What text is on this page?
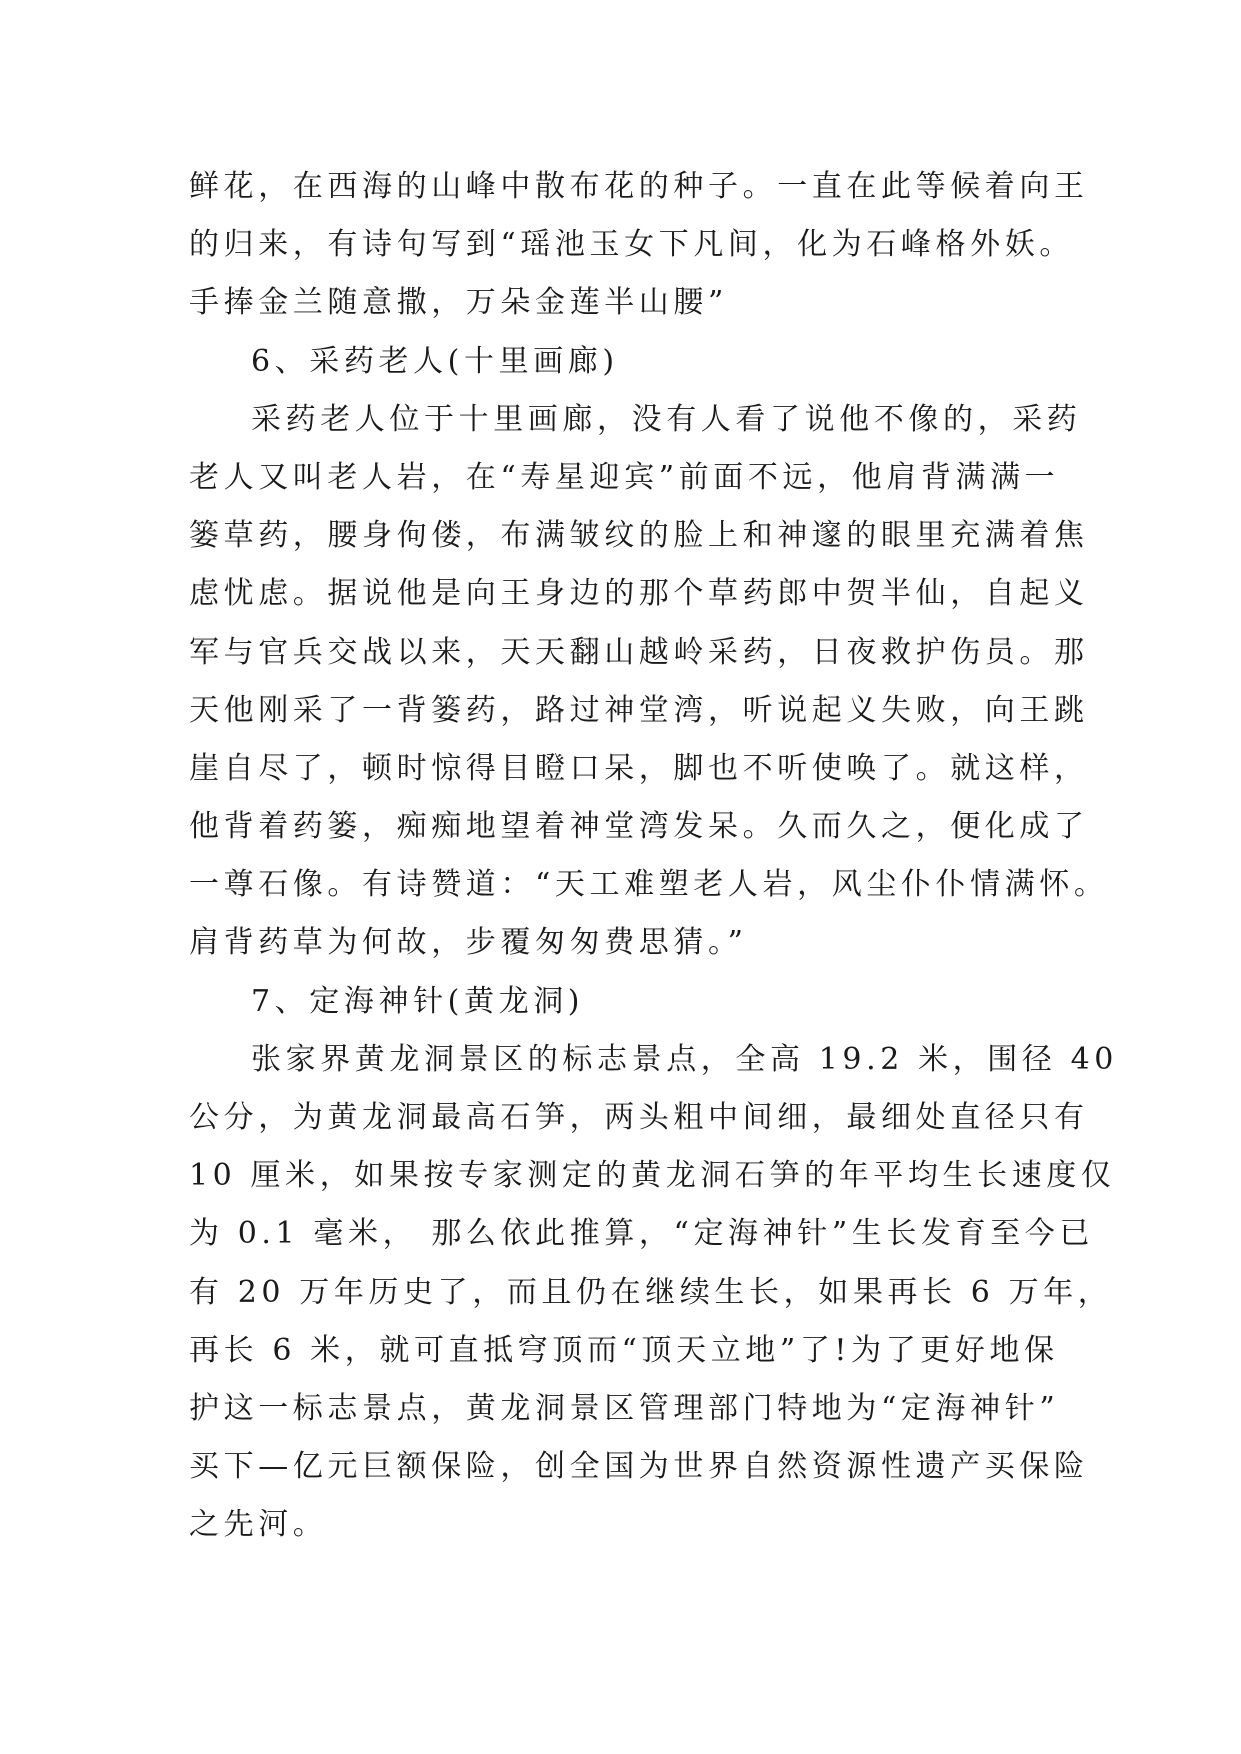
鲜花，在西海的山峰中散布花的种子。一直在此等候着向王
的归来，有诗句写到“瑶池玉女下凡间，化为石峰格外妖。
手捧金兰随意撒，万朵金莲半山腰”
6、采药老人(十里画廊)
采药老人位于十里画廊，没有人看了说他不像的，采药
老人又叫老人岩，在“寿星迎宾”前面不远，他肩背满满一
篓草药，腰身佝偻，布满皱纹的脸上和神邃的眼里充满着焦
虑忧虑。据说他是向王身边的那个草药郎中贺半仙，自起义
军与官兵交战以来，天天翻山越岭采药，日夜救护伤员。那
天他刚采了一背篓药，路过神堂湾，听说起义失败，向王跳
崖自尽了，顿时惊得目瞪口呆，脚也不听使唤了。就这样，
他背着药篓，痴痴地望着神堂湾发呆。久而久之，便化成了
一尊石像。有诗赞道：“天工难塑老人岩，风尘仆仆情满怀。
肩背药草为何故，步覆匆匆费思猜。”
7、定海神针(黄龙洞)
张家界黄龙洞景区的标志景点，全高 19.2 米，围径 40
公分，为黄龙洞最高石笋，两头粗中间细，最细处直径只有
10 厘米，如果按专家测定的黄龙洞石笋的年平均生长速度仅
为 0.1 毫米， 那么依此推算，“定海神针”生长发育至今已
有 20 万年历史了，而且仍在继续生长，如果再长 6 万年，
再长 6 米，就可直抵穹顶而“顶天立地”了!为了更好地保
护这一标志景点，黄龙洞景区管理部门特地为“定海神针”
买下—亿元巨额保险，创全国为世界自然资源性遗产买保险
之先河。
